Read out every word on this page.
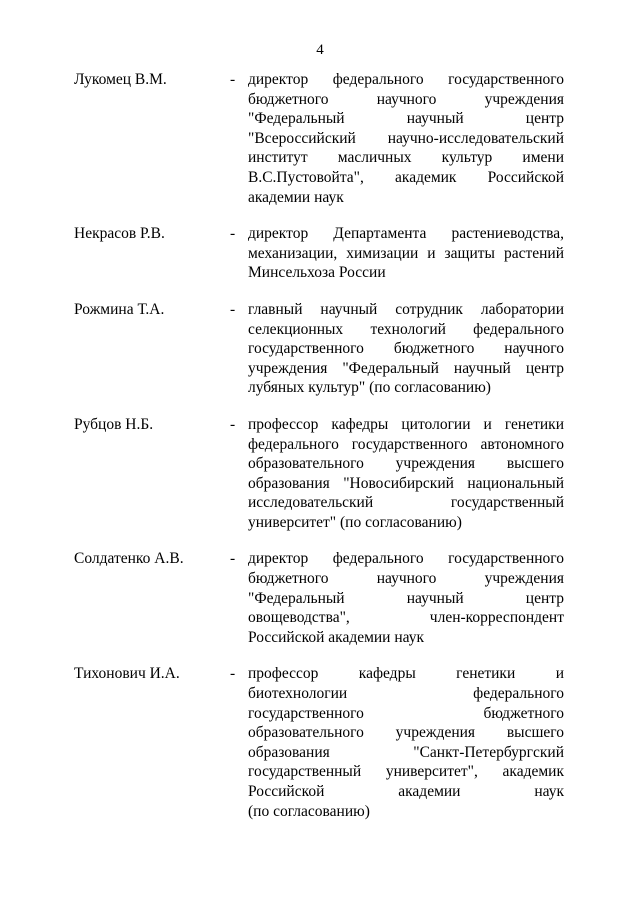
4
Лукомец В.М.	- директор федерального государственного
бюджетного научного учреждения
"Федеральный научный центр
"Всероссийский научно-исследовательский
институт масличных культур имени
В.С.Пустовойта", академик Российской
академии наук
Некрасов Р.В.	- директор Департамента растениеводства,
механизации, химизации и защиты растений
Минсельхоза России
Рожмина Т.А.	- главный научный сотрудник лаборатории
селекционных технологий федерального
государственного бюджетного научного
учреждения "Федеральный научный центр
лубяных культур" (по согласованию)
Рубцов Н.Б.	- профессор кафедры цитологии и генетики
федерального государственного автономного
образовательного учреждения высшего
образования "Новосибирский национальный
исследовательский государственный
университет" (по согласованию)
Солдатенко А.В.	- директор федерального государственного
бюджетного научного учреждения
"Федеральный научный центр
овощеводства", член-корреспондент
Российской академии наук
Тихонович И.А.	- профессор кафедры генетики и
биотехнологии федерального
государственного бюджетного
образовательного учреждения высшего
образования "Санкт-Петербургский
государственный университет", академик
Российской академии наук
(по согласованию)
